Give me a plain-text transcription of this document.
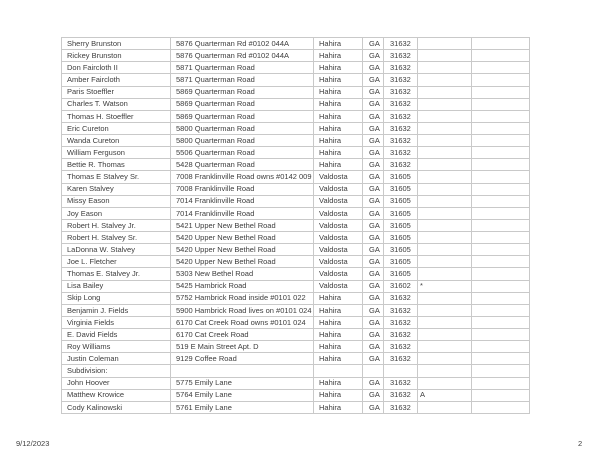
Sherry Brunston	5876 Quarterman Rd #0102 044A	Hahira	GA	31632		
Rickey Brunston	5876 Quarterman Rd #0102 044A	Hahira	GA	31632		
Don Faircloth II	5871 Quarterman Road	Hahira	GA	31632		
Amber Faircloth	5871 Quarterman Road	Hahira	GA	31632		
Paris Stoeffler	5869 Quarterman Road	Hahira	GA	31632		
Charles T. Watson	5869 Quarterman Road	Hahira	GA	31632		
Thomas H. Stoeffler	5869 Quarterman Road	Hahira	GA	31632		
Eric Cureton	5800 Quarterman Road	Hahira	GA	31632		
Wanda Cureton	5800 Quarterman Road	Hahira	GA	31632		
William Ferguson	5506 Quarterman Road	Hahira	GA	31632		
Bettie R. Thomas	5428 Quarterman Road	Hahira	GA	31632		
Thomas E Stalvey Sr.	7008 Franklinville Road owns #0142 009	Valdosta	GA	31605		
Karen Stalvey	7008 Franklinville Road	Valdosta	GA	31605		
Missy Eason	7014 Franklinville Road	Valdosta	GA	31605		
Joy Eason	7014 Franklinville Road	Valdosta	GA	31605		
Robert H. Stalvey Jr.	5421 Upper New Bethel Road	Valdosta	GA	31605		
Robert H. Stalvey Sr.	5420 Upper New Bethel Road	Valdosta	GA	31605		
LaDonna W. Stalvey	5420 Upper New Bethel Road	Valdosta	GA	31605		
Joe L. Fletcher	5420 Upper New Bethel Road	Valdosta	GA	31605		
Thomas E. Stalvey Jr.	5303 New Bethel Road	Valdosta	GA	31605		
Lisa Bailey	5425 Hambrick Road	Valdosta	GA	31602	*	
Skip Long	5752 Hambrick Road inside #0101 022	Hahira	GA	31632		
Benjamin J. Fields	5900 Hambrick Road lives on #0101 024	Hahira	GA	31632		
Virginia Fields	6170 Cat Creek Road owns #0101 024	Hahira	GA	31632		
E. David Fields	6170 Cat Creek Road	Hahira	GA	31632		
Roy Williams	519 E Main Street Apt. D	Hahira	GA	31632		
Justin Coleman	9129 Coffee Road	Hahira	GA	31632		
Subdivision:						
John Hoover	5775 Emily Lane	Hahira	GA	31632		
Matthew Krowice	5764 Emily Lane	Hahira	GA	31632	A	
Cody Kalinowski	5761 Emily Lane	Hahira	GA	31632		
9/12/2023	2
